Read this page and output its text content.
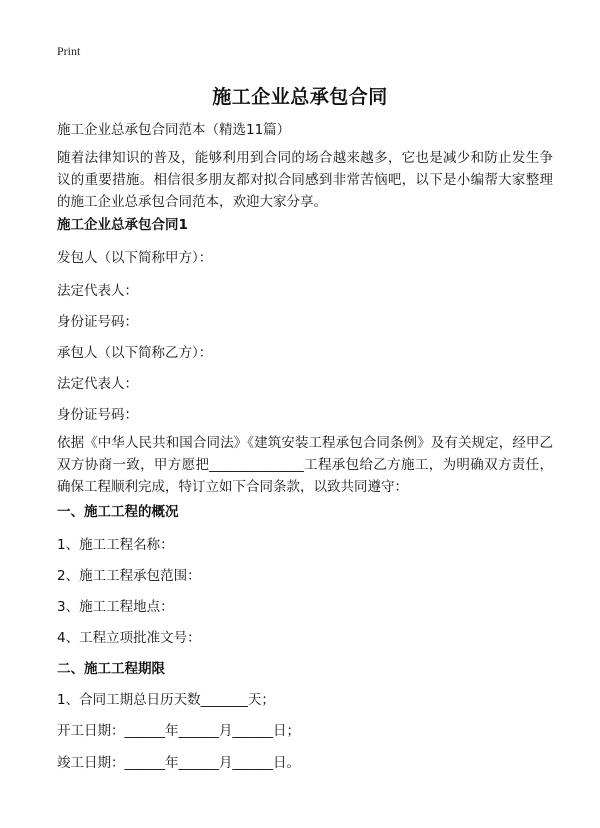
Print
施工企业总承包合同
施工企业总承包合同范本（精选11篇）
随着法律知识的普及，能够利用到合同的场合越来越多，它也是减少和防止发生争议的重要措施。相信很多朋友都对拟合同感到非常苦恼吧，以下是小编帮大家整理的施工企业总承包合同范本，欢迎大家分享。
施工企业总承包合同1
发包人（以下简称甲方）：
法定代表人：
身份证号码：
承包人（以下简称乙方）：
法定代表人：
身份证号码：
依据《中华人民共和国合同法》《建筑安装工程承包合同条例》及有关规定，经甲乙双方协商一致，甲方愿把______________工程承包给乙方施工，为明确双方责任，确保工程顺利完成，特订立如下合同条款，以致共同遵守：
一、施工工程的概况
1、施工工程名称：
2、施工工程承包范围：
3、施工工程地点：
4、工程立项批准文号：
二、施工工程期限
1、合同工期总日历天数_______天；
开工日期：______年______月______日；
竣工日期：______年______月______日。
